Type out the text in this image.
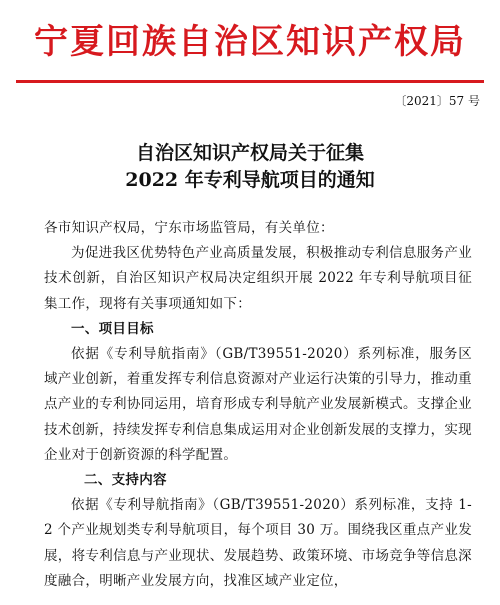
宁夏回族自治区知识产权局
〔2021〕57 号
自治区知识产权局关于征集
2022 年专利导航项目的通知

各市知识产权局，宁东市场监管局，有关单位：

为促进我区优势特色产业高质量发展，积极推动专利信息服务产业技术创新，自治区知识产权局决定组织开展 2022 年专利导航项目征集工作，现将有关事项通知如下：

一、项目目标

依据《专利导航指南》（GB/T39551-2020）系列标准，服务区域产业创新，着重发挥专利信息资源对产业运行决策的引导力，推动重点产业的专利协同运用，培育形成专利导航产业发展新模式。支撑企业技术创新，持续发挥专利信息集成运用对企业创新发展的支撑力，实现企业对于创新资源的科学配置。

二、支持内容

依据《专利导航指南》（GB/T39551-2020）系列标准，支持 1-2 个产业规划类专利导航项目，每个项目 30 万。围绕我区重点产业发展，将专利信息与产业现状、发展趋势、政策环境、市场竞争等信息深度融合，明晰产业发展方向，找准区域产业定位，
